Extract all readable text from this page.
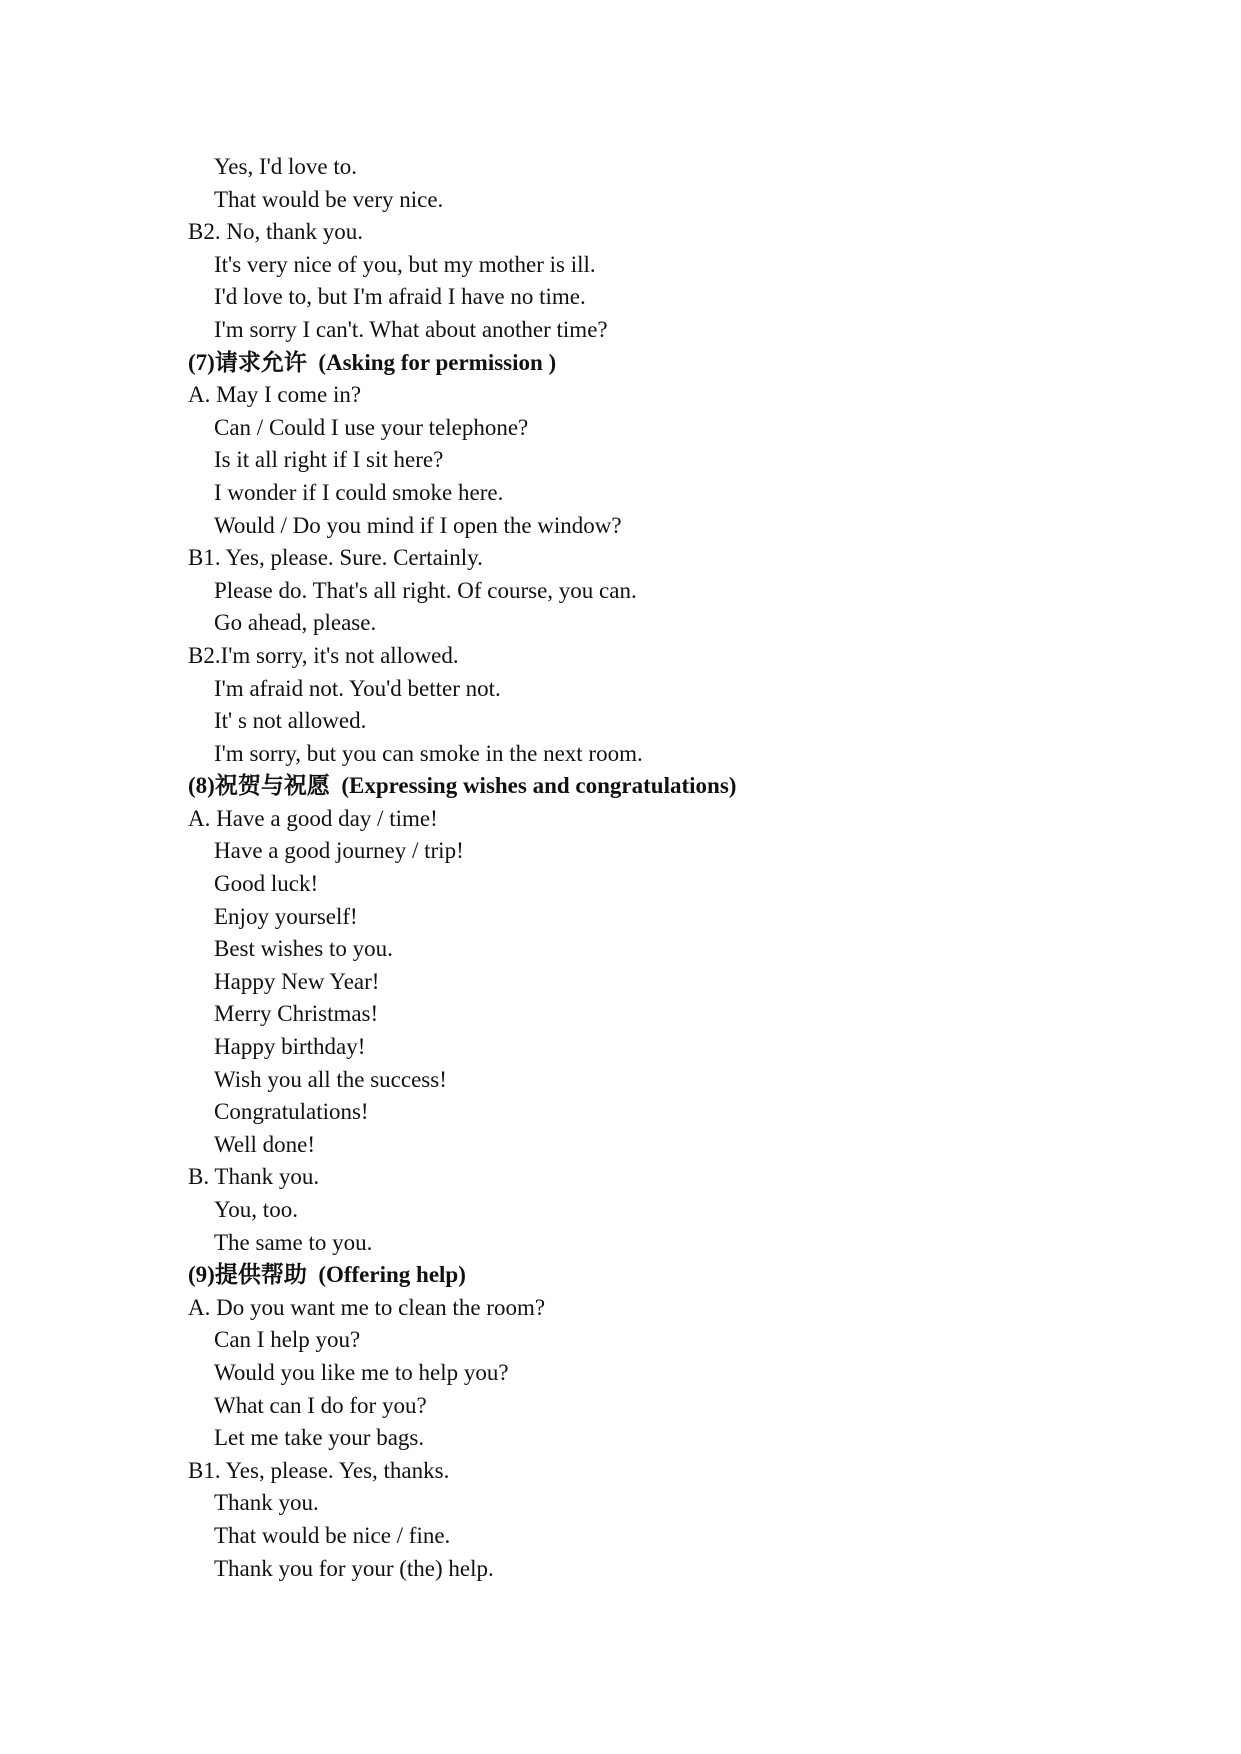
Yes, I'd love to.
That would be very nice.
B2. No, thank you.
It's very nice of you, but my mother is ill.
I'd love to, but I'm afraid I have no time.
I'm sorry I can't. What about another time?
(7)请求允许  (Asking for permission )
A. May I come in?
Can / Could I use your telephone?
Is it all right if I sit here?
I wonder if I could smoke here.
Would / Do you mind if I open the window?
B1. Yes, please. Sure. Certainly.
Please do. That's all right. Of course, you can.
Go ahead, please.
B2.I'm sorry, it's not allowed.
I'm afraid not. You'd better not.
It' s not allowed.
I'm sorry, but you can smoke in the next room.
(8)祝贺与祝愿  (Expressing wishes and congratulations)
A. Have a good day / time!
Have a good journey / trip!
Good luck!
Enjoy yourself!
Best wishes to you.
Happy New Year!
Merry Christmas!
Happy birthday!
Wish you all the success!
Congratulations!
Well done!
B. Thank you.
You, too.
The same to you.
(9)提供帮助  (Offering help)
A. Do you want me to clean the room?
Can I help you?
Would you like me to help you?
What can I do for you?
Let me take your bags.
B1. Yes, please. Yes, thanks.
Thank you.
That would be nice / fine.
Thank you for your (the) help.
